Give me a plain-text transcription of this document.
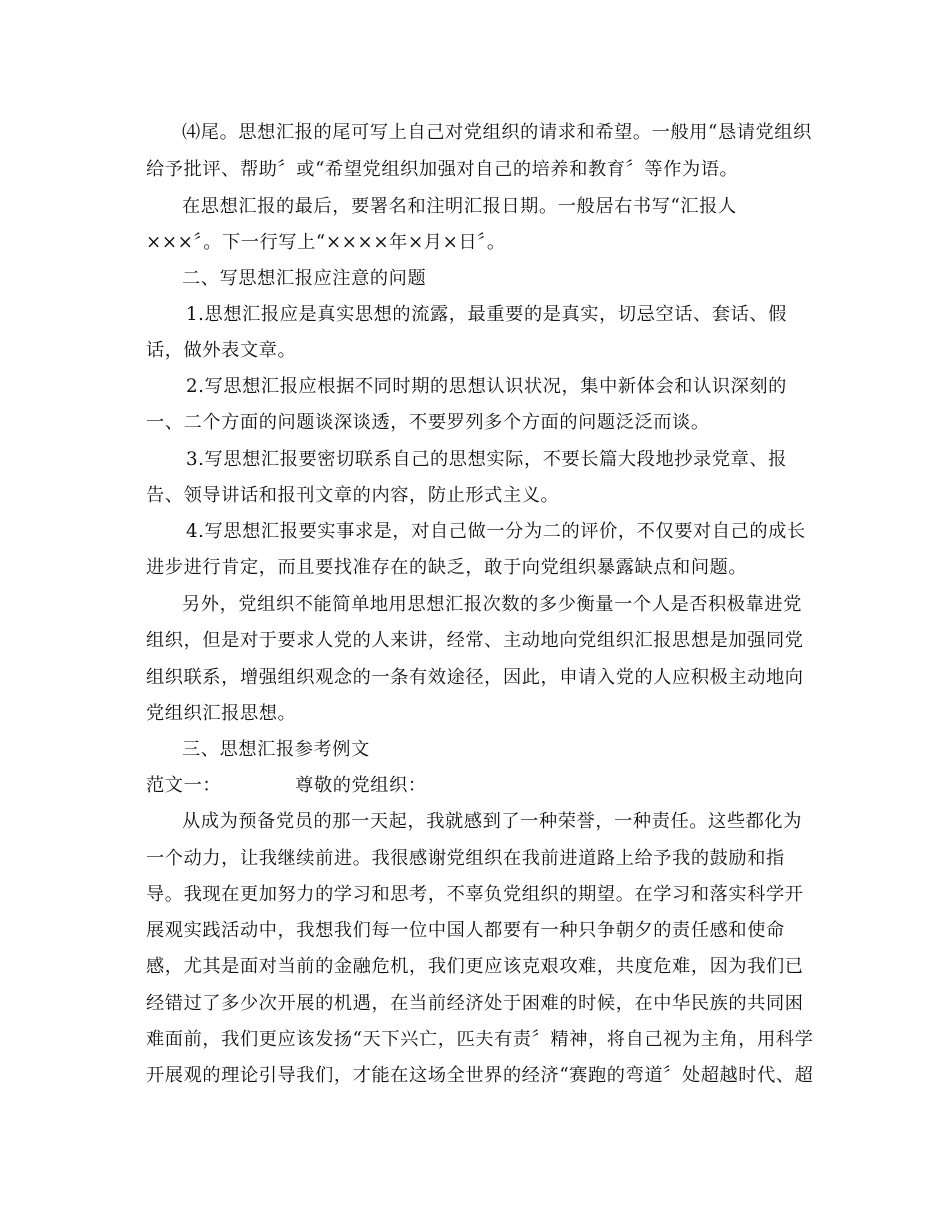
⑷尾。思想汇报的尾可写上自己对党组织的请求和希望。一般用“恳请党组织
给予批评、帮助〞或“希望党组织加强对自己的培养和教育〞等作为语。
在思想汇报的最后，要署名和注明汇报日期。一般居右书写“汇报人
×××〞。下一行写上“××××年×月×日〞。
二、写思想汇报应注意的问题
1.思想汇报应是真实思想的流露，最重要的是真实，切忌空话、套话、假
话，做外表文章。
2.写思想汇报应根据不同时期的思想认识状况，集中新体会和认识深刻的
一、二个方面的问题谈深谈透，不要罗列多个方面的问题泛泛而谈。
3.写思想汇报要密切联系自己的思想实际，不要长篇大段地抄录党章、报
告、领导讲话和报刊文章的内容，防止形式主义。
4.写思想汇报要实事求是，对自己做一分为二的评价，不仅要对自己的成长
进步进行肯定，而且要找准存在的缺乏，敢于向党组织暴露缺点和问题。
另外，党组织不能简单地用思想汇报次数的多少衡量一个人是否积极靠进党
组织，但是对于要求人党的人来讲，经常、主动地向党组织汇报思想是加强同党
组织联系，增强组织观念的一条有效途径，因此，申请入党的人应积极主动地向
党组织汇报思想。
三、思想汇报参考例文
范文一：	尊敬的党组织：
从成为预备党员的那一天起，我就感到了一种荣誉，一种责任。这些都化为
一个动力，让我继续前进。我很感谢党组织在我前进道路上给予我的鼓励和指
导。我现在更加努力的学习和思考，不辜负党组织的期望。在学习和落实科学开
展观实践活动中，我想我们每一位中国人都要有一种只争朝夕的责任感和使命
感，尤其是面对当前的金融危机，我们更应该克艰攻难，共度危难，因为我们已
经错过了多少次开展的机遇，在当前经济处于困难的时候，在中华民族的共同困
难面前，我们更应该发扬“天下兴亡，匹夫有责〞精神，将自己视为主角，用科学
开展观的理论引导我们，才能在这场全世界的经济“赛跑的弯道〞处超越时代、超
